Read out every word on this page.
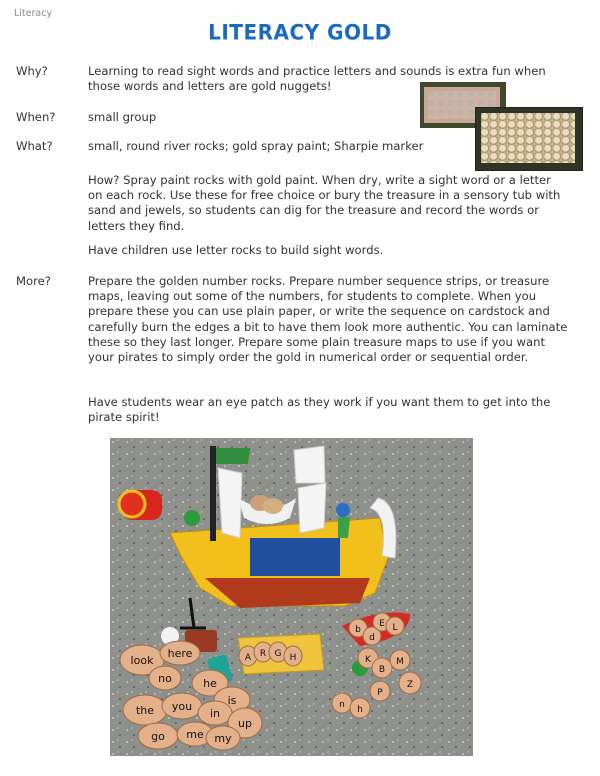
Literacy
LITERACY GOLD
Why?	Learning to read sight words and practice letters and sounds is extra fun when those words and letters are gold nuggets!

When?	small group

What?	small, round river rocks; gold spray paint; Sharpie marker

How? Spray paint rocks with gold paint. When dry, write a sight word or a letter on each rock. Use these for free choice or bury the treasure in a sensory tub with sand and jewels, so students can dig for the treasure and record the words or letters they find.

Have children use letter rocks to build sight words.

More?	Prepare the golden number rocks. Prepare number sequence strips, or treasure maps, leaving out some of the numbers, for students to complete. When you prepare these you can use plain paper, or write the sequence on cardstock and carefully burn the edges a bit to have them look more authentic. You can laminate these so they last longer. Prepare some plain treasure maps to use if you want your pirates to simply order the gold in numerical order or sequential order.

Have students wear an eye patch as they work if you want them to get into the pirate spirit!

look
here
no	he
is
the you
in
up
go me my
A R G H	K
B
M
Z
n h
P
b
d
E L
